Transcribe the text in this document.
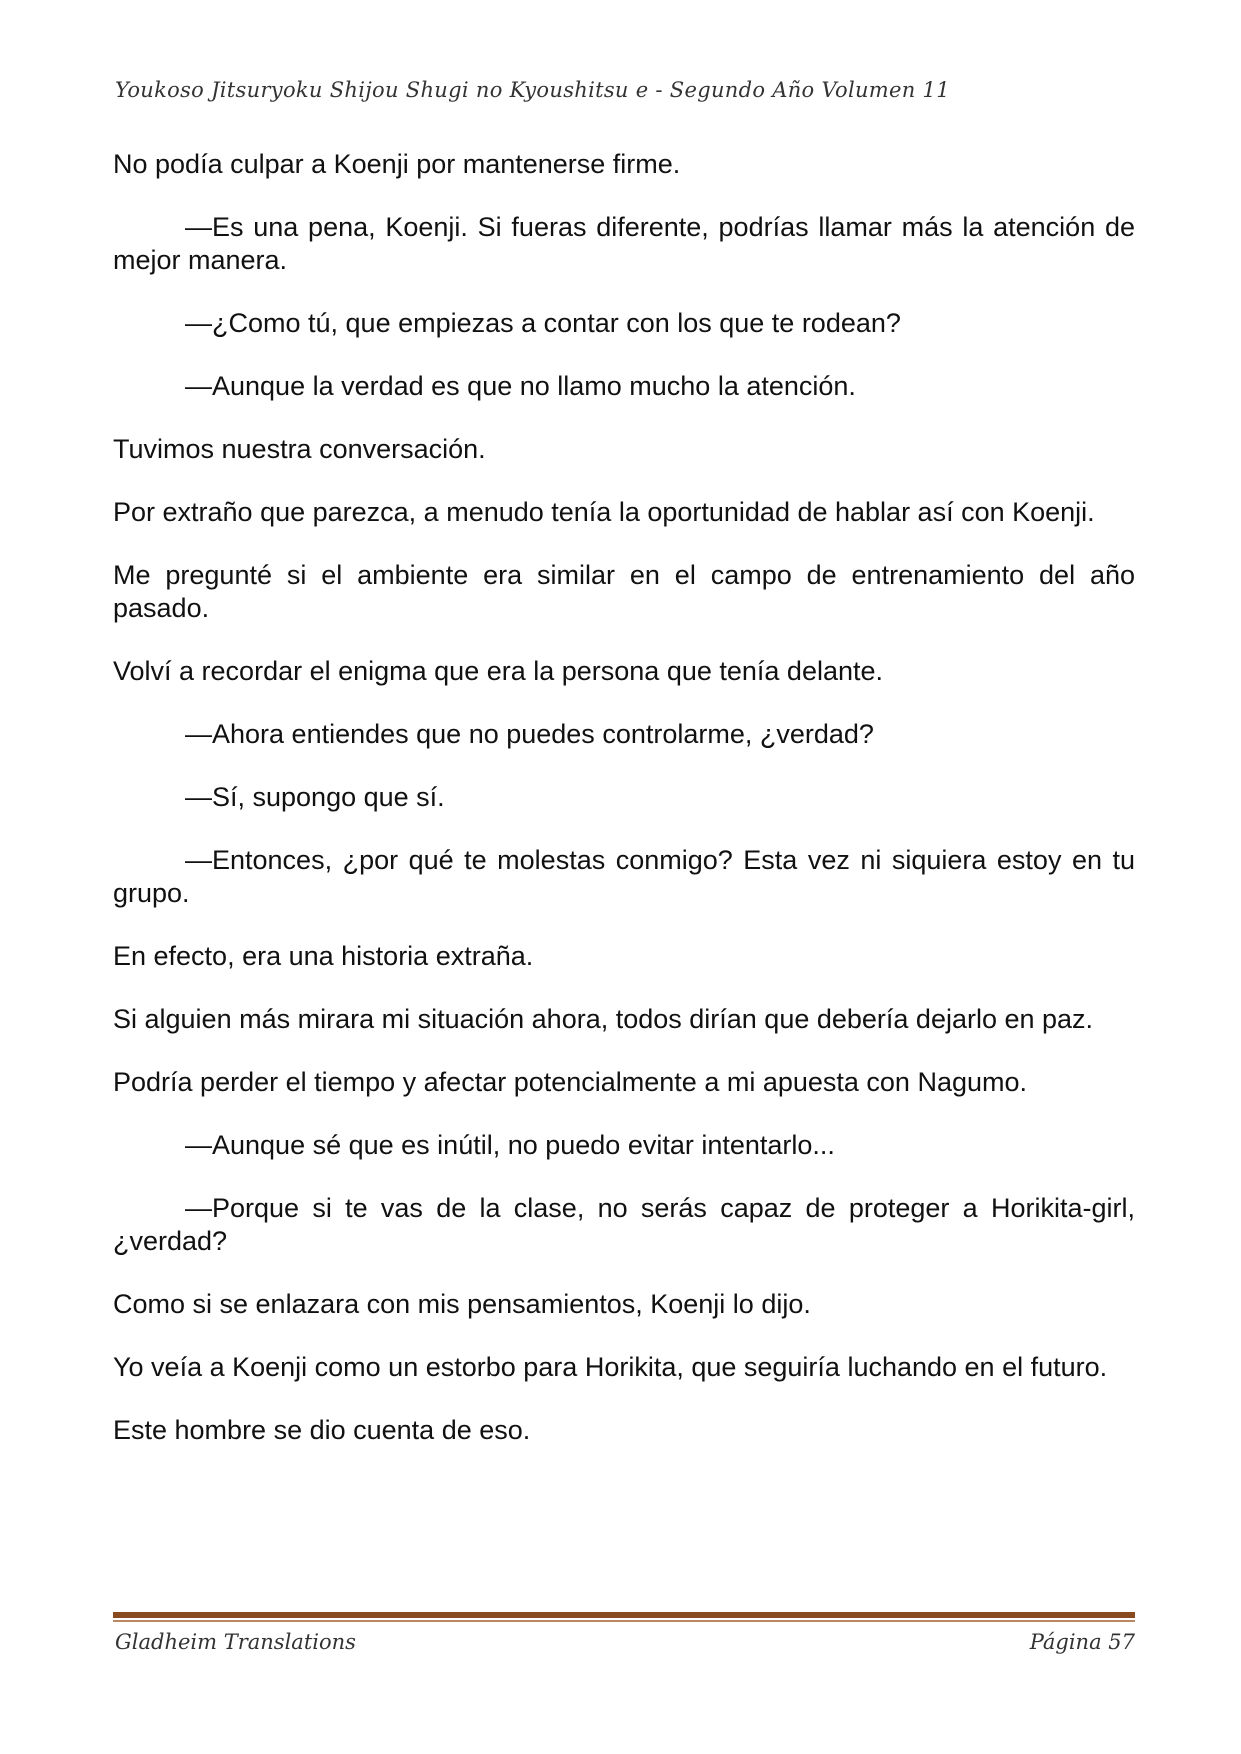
Youkoso Jitsuryoku Shijou Shugi no Kyoushitsu e - Segundo Año Volumen 11

No podía culpar a Koenji por mantenerse firme.

—Es una pena, Koenji. Si fueras diferente, podrías llamar más la atención de mejor manera.

—¿Como tú, que empiezas a contar con los que te rodean?

—Aunque la verdad es que no llamo mucho la atención.

Tuvimos nuestra conversación.

Por extraño que parezca, a menudo tenía la oportunidad de hablar así con Koenji.

Me pregunté si el ambiente era similar en el campo de entrenamiento del año pasado.

Volví a recordar el enigma que era la persona que tenía delante.

—Ahora entiendes que no puedes controlarme, ¿verdad?

—Sí, supongo que sí.

—Entonces, ¿por qué te molestas conmigo? Esta vez ni siquiera estoy en tu grupo.

En efecto, era una historia extraña.

Si alguien más mirara mi situación ahora, todos dirían que debería dejarlo en paz.

Podría perder el tiempo y afectar potencialmente a mi apuesta con Nagumo.

—Aunque sé que es inútil, no puedo evitar intentarlo...

—Porque si te vas de la clase, no serás capaz de proteger a Horikita-girl, ¿verdad?

Como si se enlazara con mis pensamientos, Koenji lo dijo.

Yo veía a Koenji como un estorbo para Horikita, que seguiría luchando en el futuro.

Este hombre se dio cuenta de eso.

Gladheim Translations	Página 57
